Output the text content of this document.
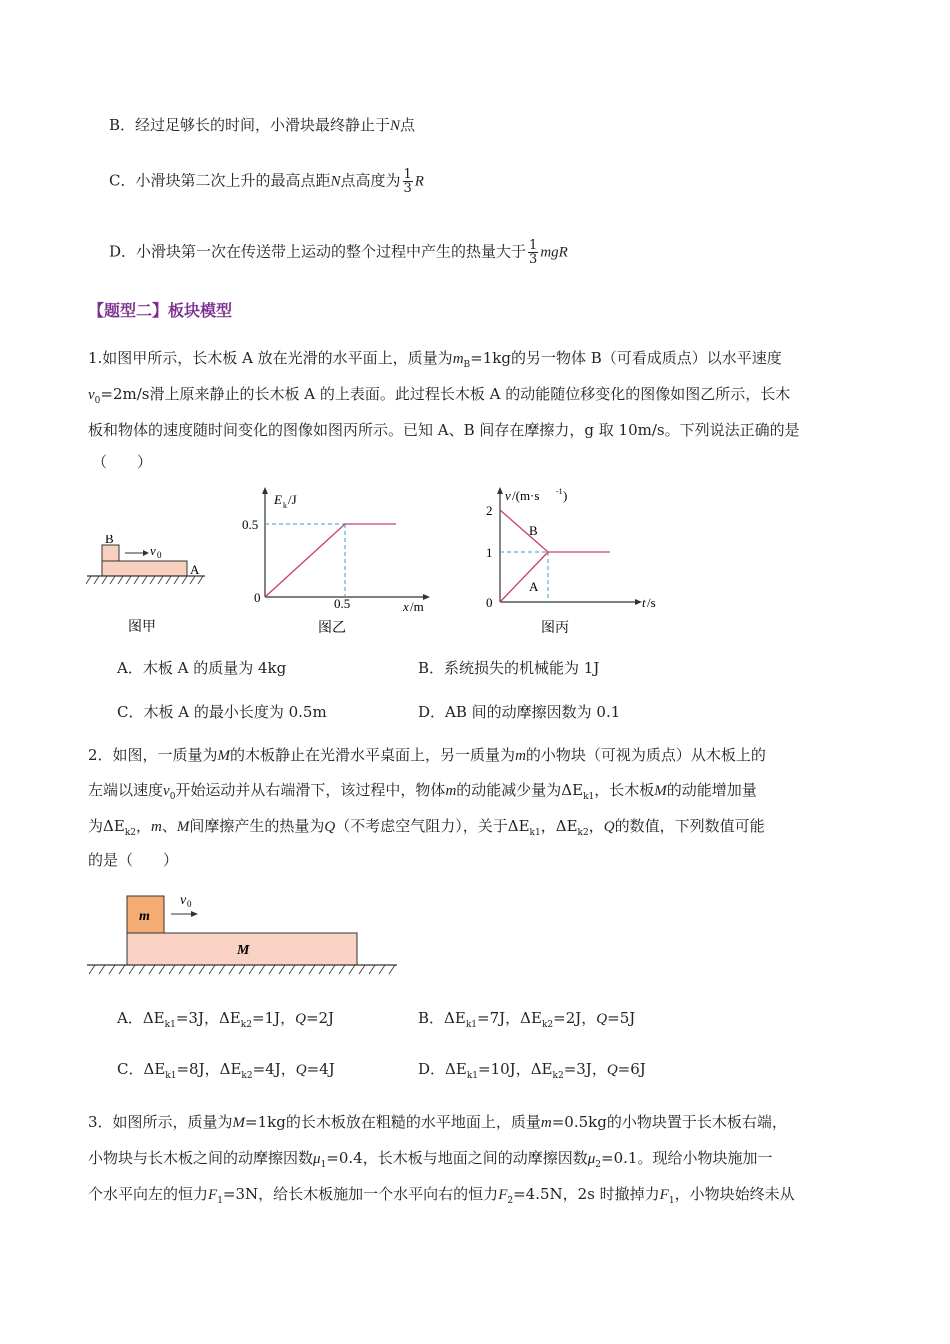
B．经过足够长的时间，小滑块最终静止于N点
C．小滑块第二次上升的最高点距N点高度为 $\frac{1}{3}$ R
D．小滑块第一次在传送带上运动的整个过程中产生的热量大于 $\frac{1}{3}$ mgR
【题型二】板块模型
1.如图甲所示，长木板 A 放在光滑的水平面上，质量为$m_B=1kg$的另一物体 B（可看成质点）以水平速度
$v_0=2m/s$滑上原来静止的长木板 A 的上表面。此过程长木板 A 的动能随位移变化的图像如图乙所示，长木
板和物体的速度随时间变化的图像如图丙所示。已知 A、B 间存在摩擦力，g 取 10m/s。下列说法正确的是
（　　）
B
A
v 0
图甲
E k /J
0.5
0	0.5	x /m
图乙
v /(m·s -1 )
2
1
0
B
A
t /s
图丙
A．木板 A 的质量为 4kg	B．系统损失的机械能为 1J
C．木板 A 的最小长度为 0.5m	D．AB 间的动摩擦因数为 0.1
2．如图，一质量为M的木板静止在光滑水平桌面上，另一质量为m的小物块（可视为质点）从木板上的
左端以速度$v_0$开始运动并从右端滑下，该过程中，物体m的动能减少量为$\Delta E_{k1}$，长木板M的动能增加量
为$\Delta E_{k2}$，m、M间摩擦产生的热量为Q（不考虑空气阻力），关于$\Delta E_{k1}$，$\Delta E_{k2}$，Q的数值，下列数值可能
的是（　　）
v 0
m
M
A．$\Delta E_{k1}=3J$，$\Delta E_{k2}=1J$，Q=2J	B．$\Delta E_{k1}=7J$，$\Delta E_{k2}=2J$，Q=5J
C．$\Delta E_{k1}=8J$，$\Delta E_{k2}=4J$，Q=4J	D．$\Delta E_{k1}=10J$，$\Delta E_{k2}=3J$，Q=6J
3．如图所示，质量为M=1kg的长木板放在粗糙的水平地面上，质量m=0.5kg的小物块置于长木板右端，
小物块与长木板之间的动摩擦因数$\mu_1=0.4$，长木板与地面之间的动摩擦因数$\mu_2=0.1$。现给小物块施加一
个水平向左的恒力$F_1=3N$，给长木板施加一个水平向右的恒力$F_2=4.5N$，2s 时撤掉力$F_1$，小物块始终未从
